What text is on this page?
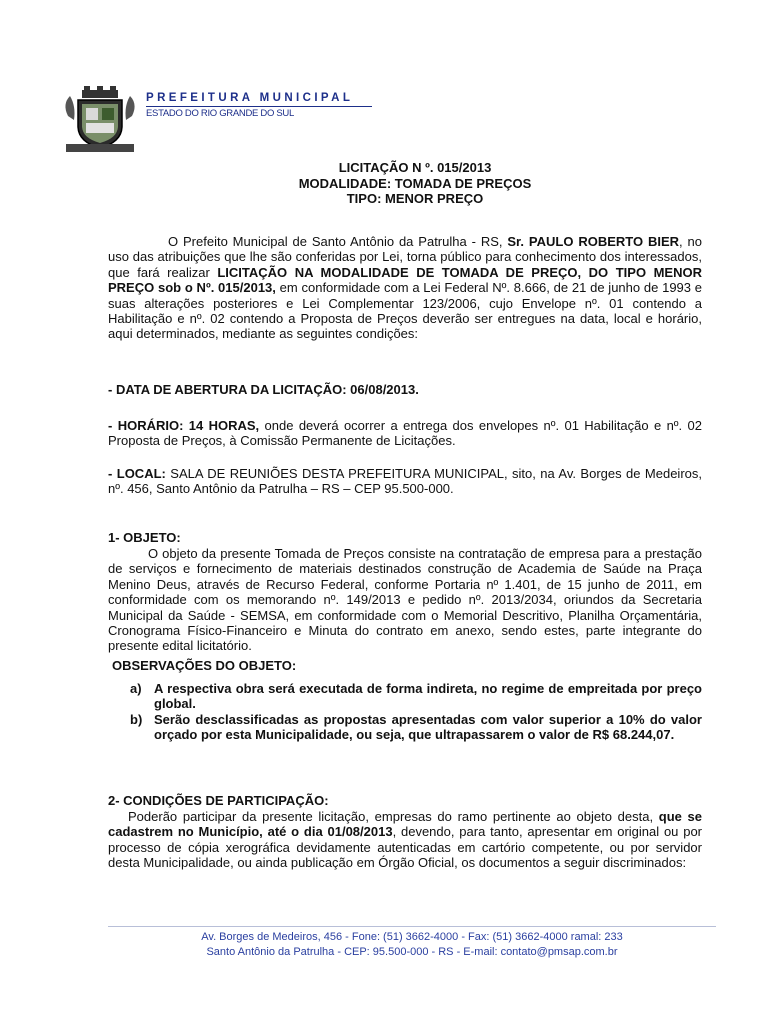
PREFEITURA MUNICIPAL
ESTADO DO RIO GRANDE DO SUL
LICITAÇÃO N º. 015/2013
MODALIDADE: TOMADA DE PREÇOS
TIPO: MENOR PREÇO
O Prefeito Municipal de Santo Antônio da Patrulha - RS, Sr. PAULO ROBERTO BIER, no uso das atribuições que lhe são conferidas por Lei, torna público para conhecimento dos interessados, que fará realizar LICITAÇÃO NA MODALIDADE DE TOMADA DE PREÇO, DO TIPO MENOR PREÇO sob o Nº. 015/2013, em conformidade com a Lei Federal Nº. 8.666, de 21 de junho de 1993 e suas alterações posteriores e Lei Complementar 123/2006, cujo Envelope nº. 01 contendo a Habilitação e nº. 02 contendo a Proposta de Preços deverão ser entregues na data, local e horário, aqui determinados, mediante as seguintes condições:
- DATA DE ABERTURA DA LICITAÇÃO: 06/08/2013.
- HORÁRIO: 14 HORAS, onde deverá ocorrer a entrega dos envelopes nº. 01 Habilitação e nº. 02 Proposta de Preços, à Comissão Permanente de Licitações.
- LOCAL: SALA DE REUNIÕES DESTA PREFEITURA MUNICIPAL, sito, na Av. Borges de Medeiros, nº. 456, Santo Antônio da Patrulha – RS – CEP 95.500-000.
1- OBJETO:
O objeto da presente Tomada de Preços consiste na contratação de empresa para a prestação de serviços e fornecimento de materiais destinados construção de Academia de Saúde na Praça Menino Deus, através de Recurso Federal, conforme Portaria nº 1.401, de 15 junho de 2011, em conformidade com os memorando nº. 149/2013 e pedido nº. 2013/2034, oriundos da Secretaria Municipal da Saúde - SEMSA, em conformidade com o Memorial Descritivo, Planilha Orçamentária, Cronograma Físico-Financeiro e Minuta do contrato em anexo, sendo estes, parte integrante do presente edital licitatório.
OBSERVAÇÕES DO OBJETO:
a) A respectiva obra será executada de forma indireta, no regime de empreitada por preço global.
b) Serão desclassificadas as propostas apresentadas com valor superior a 10% do valor orçado por esta Municipalidade, ou seja, que ultrapassarem o valor de R$ 68.244,07.
2- CONDIÇÕES DE PARTICIPAÇÃO:
Poderão participar da presente licitação, empresas do ramo pertinente ao objeto desta, que se cadastrem no Município, até o dia 01/08/2013, devendo, para tanto, apresentar em original ou por processo de cópia xerográfica devidamente autenticadas em cartório competente, ou por servidor desta Municipalidade, ou ainda publicação em Órgão Oficial, os documentos a seguir discriminados:
Av. Borges de Medeiros, 456 - Fone: (51) 3662-4000 - Fax: (51) 3662-4000 ramal: 233
Santo Antônio da Patrulha - CEP: 95.500-000 - RS - E-mail: contato@pmsap.com.br
